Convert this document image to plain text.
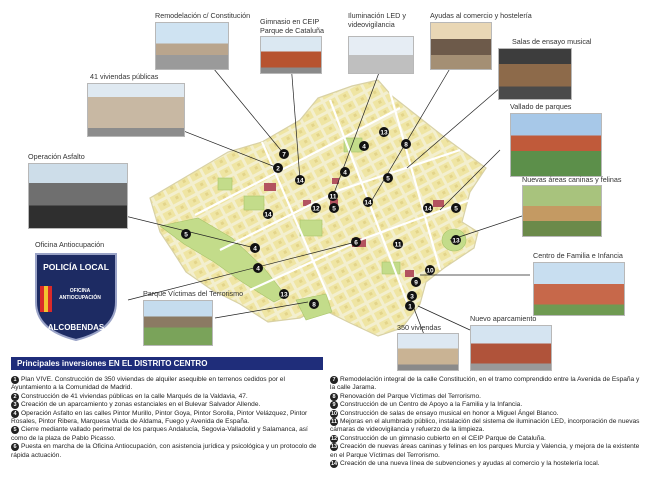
7
2
14
12
11
5
13
4	8
5
14
4
14
5
4
4
6	11
14	5
13
10
9
3
1
13
8
Remodelación c/ Constitución
Gimnasio en CEIP
Parque de Cataluña
Iluminación LED y
videovigilancia
Ayudas al comercio y hostelería
Salas de ensayo musical
41 viviendas públicas
Vallado de parques
Operación Asfalto
Nuevas áreas caninas y felinas
Oficina Antiocupación
Centro de Familia e Infancia
Parque Víctimas del Terrorismo
350 viviendas
Nuevo aparcamiento
POLICÍA LOCAL
OFICINA
ANTIOCUPACIÓN
ALCOBENDAS
Principales inversiones EN EL DISTRITO CENTRO

1 Plan VIVE. Construcción de 350 viviendas de alquiler asequible en terrenos cedidos por el Ayuntamiento a la Comunidad de Madrid.

2 Construcción de 41 viviendas públicas en la calle Marqués de la Valdavia, 47.

3 Creación de un aparcamiento y zonas estanciales en el Bulevar Salvador Allende.

4 Operación Asfalto en las calles Pintor Murillo, Pintor Goya, Pintor Sorolla, Pintor Velázquez, Pintor Rosales, Pintor Ribera, Marquesa Viuda de Aldama, Fuego y Avenida de España.

5 Cierre mediante vallado perimetral de los parques Andalucía, Segovia-Valladolid y Salamanca, así como de la plaza de Pablo Picasso.

6 Puesta en marcha de la Oficina Antiocupación, con asistencia jurídica y psicológica y un protocolo de rápida actuación.

7 Remodelación integral de la calle Constitución, en el tramo comprendido entre la Avenida de España y la calle Jarama.

8 Renovación del Parque Víctimas del Terrorismo.

9 Construcción de un Centro de Apoyo a la Familia y la Infancia.

10 Construcción de salas de ensayo musical en honor a Miguel Ángel Blanco.

11 Mejoras en el alumbrado público, instalación del sistema de iluminación LED, incorporación de nuevas cámaras de videovigilancia y refuerzo de la limpieza.

12 Construcción de un gimnasio cubierto en el CEIP Parque de Cataluña.

13 Creación de nuevas áreas caninas y felinas en los parques Murcia y Valencia, y mejora de la existente en el Parque Víctimas del Terrorismo.

14 Creación de una nueva línea de subvenciones y ayudas al comercio y la hostelería local.
